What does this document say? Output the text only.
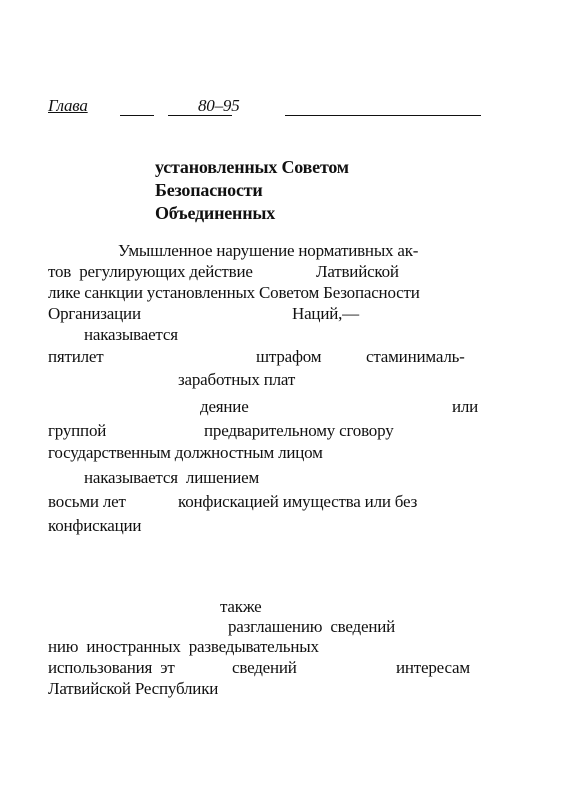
Глава	80–95
установленных Советом
Безопасности
Объединенных
Умышленное нарушение нормативных ак-
тов  регулирующих действие	Латвийской
лике санкции установленных Советом Безопасности
Организации	Наций,—
наказывается
пятилет	штрафом	стаминималь-
заработных плат
деяние	или
группой	предварительному сговору
государственным должностным лицом
наказывается  лишением
восьми лет	конфискацией имущества или без
конфискации
также
разглашению  сведений
нию  иностранных  разведывательных
использования  эт	сведений	интересам
Латвийской Республики
